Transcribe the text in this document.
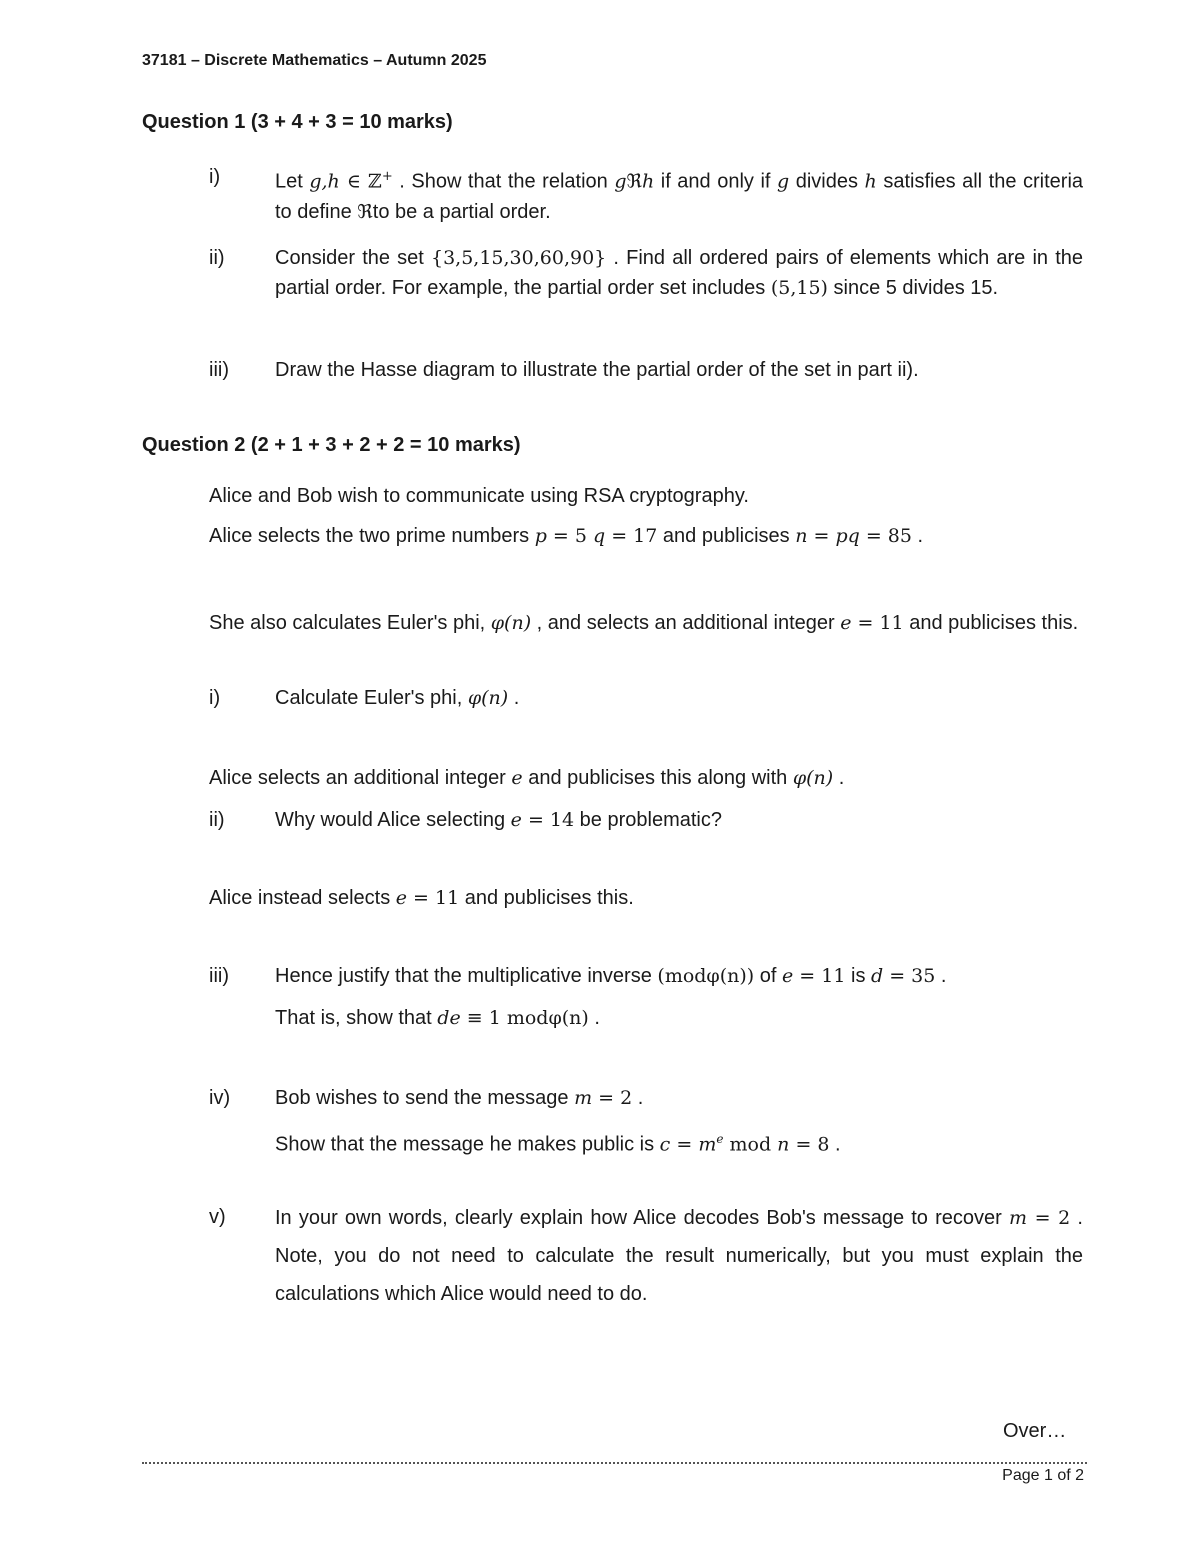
37181 – Discrete Mathematics – Autumn 2025
Question 1 (3 + 4 + 3 = 10 marks)
i)	Let g,h ∈ ℤ+ . Show that the relation gℜh if and only if g divides h satisfies all the criteria to define ℜto be a partial order.
ii)	Consider the set {3,5,15,30,60,90} . Find all ordered pairs of elements which are in the partial order. For example, the partial order set includes (5,15) since 5 divides 15.
iii) Draw the Hasse diagram to illustrate the partial order of the set in part ii).
Question 2 (2 + 1 + 3 + 2 + 2 = 10 marks)
Alice and Bob wish to communicate using RSA cryptography.
Alice selects the two prime numbers p = 5 q = 17 and publicises n = pq = 85 .
She also calculates Euler's phi, φ(n) , and selects an additional integer e = 11 and publicises this.
i)	Calculate Euler's phi, φ(n) .
Alice selects an additional integer e and publicises this along with φ(n) .
ii)	Why would Alice selecting e = 14 be problematic?
Alice instead selects e = 11 and publicises this.
iii) Hence justify that the multiplicative inverse (modφ(n)) of e = 11 is d = 35 .
That is, show that de ≡ 1 modφ(n) .
iv) Bob wishes to send the message m = 2 .
Show that the message he makes public is $c = m^e$ mod n = 8 .
v) In your own words, clearly explain how Alice decodes Bob's message to recover m = 2 . Note, you do not need to calculate the result numerically, but you must explain the calculations which Alice would need to do.
Over…
Page 1 of 2
